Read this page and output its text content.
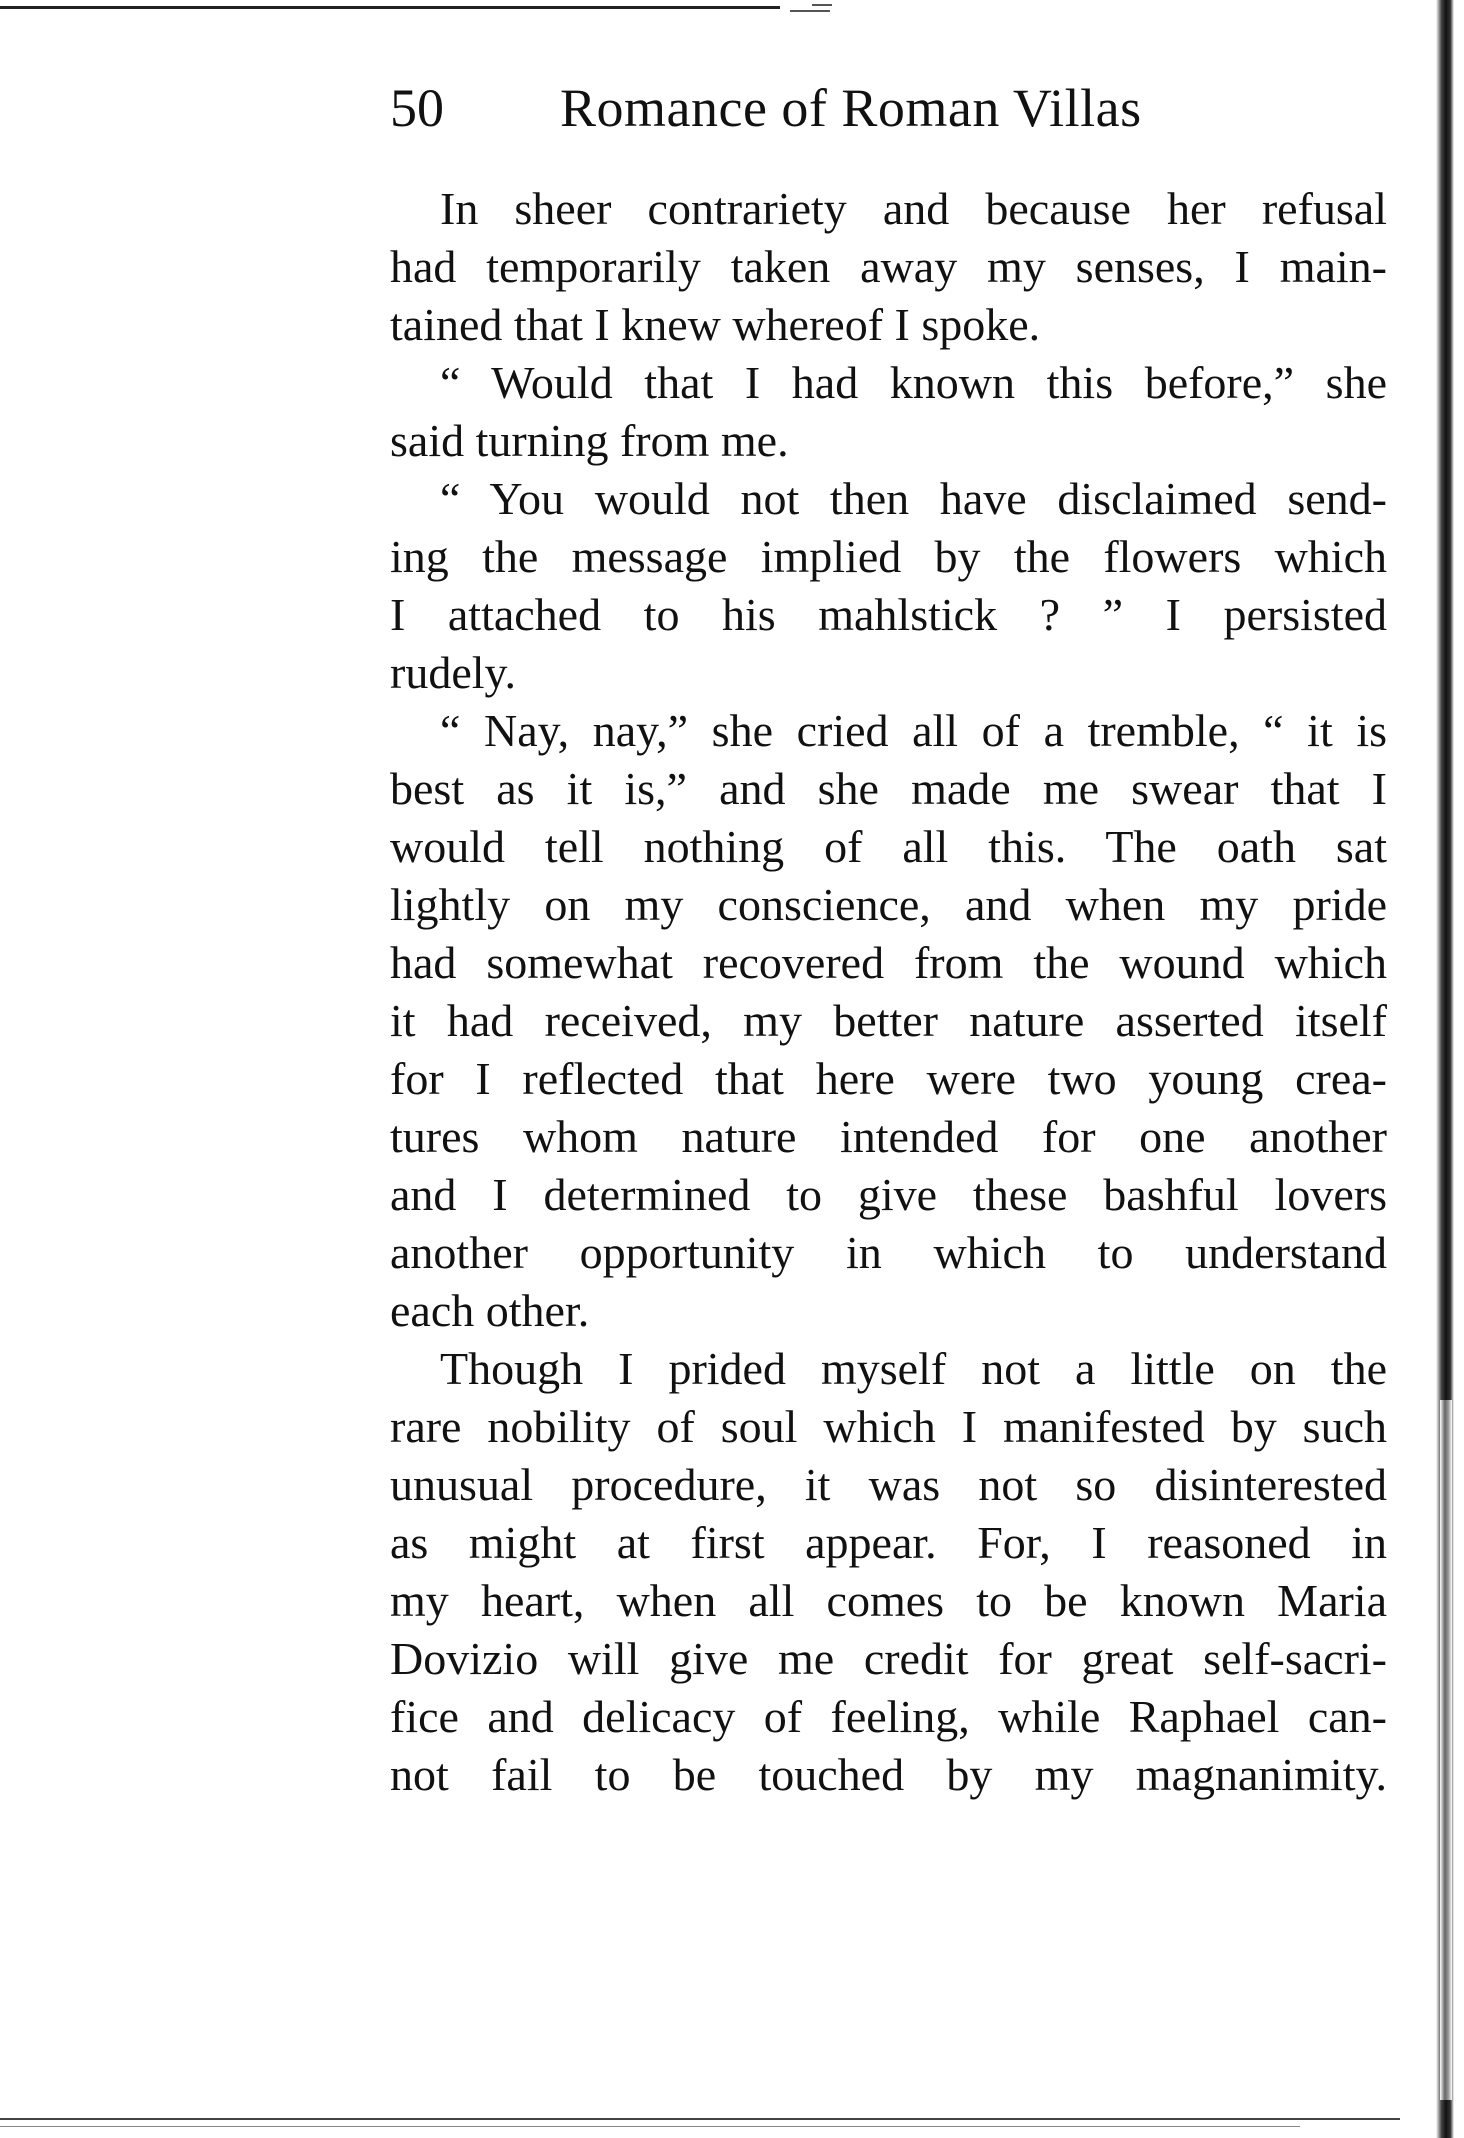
50 Romance of Roman Villas
In sheer contrariety and because her refusal
had temporarily taken away my senses, I main-
tained that I knew whereof I spoke.
“ Would that I had known this before,” she
said turning from me.
“ You would not then have disclaimed send-
ing the message implied by the flowers which
I attached to his mahlstick ? ” I persisted
rudely.
“ Nay, nay,” she cried all of a tremble, “ it is
best as it is,” and she made me swear that I
would tell nothing of all this. The oath sat
lightly on my conscience, and when my pride
had somewhat recovered from the wound which
it had received, my better nature asserted itself
for I reflected that here were two young crea-
tures whom nature intended for one another
and I determined to give these bashful lovers
another opportunity in which to understand
each other.
Though I prided myself not a little on the
rare nobility of soul which I manifested by such
unusual procedure, it was not so disinterested
as might at first appear. For, I reasoned in
my heart, when all comes to be known Maria
Dovizio will give me credit for great self-sacri-
fice and delicacy of feeling, while Raphael can-
not fail to be touched by my magnanimity.
